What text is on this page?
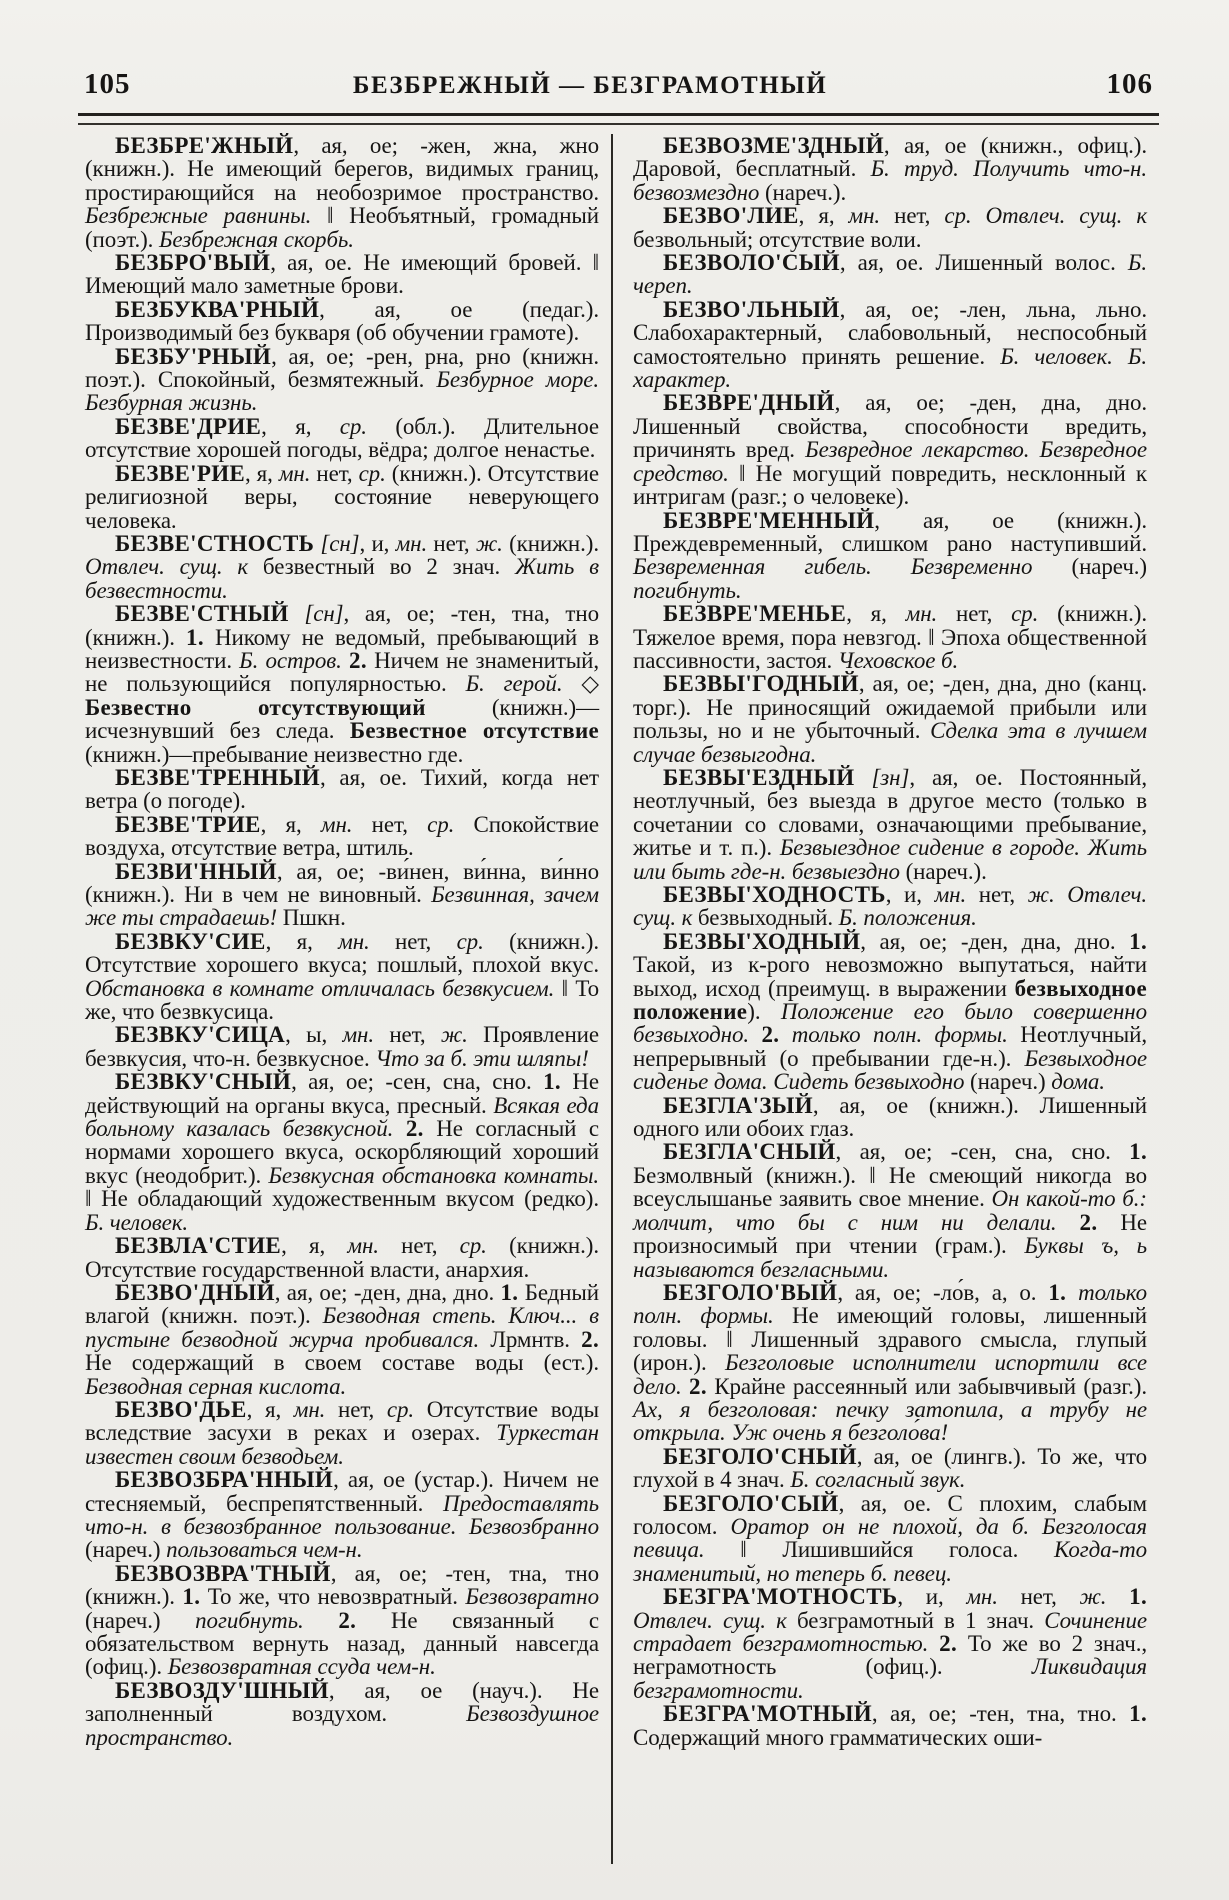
105	БЕЗБРЕЖНЫЙ — БЕЗГРАМОТНЫЙ	106

БЕЗБРЕ'ЖНЫЙ, ая, ое; -жен, жна, жно (книжн.). Не имеющий берегов, видимых границ, простирающийся на необозримое пространство. Безбрежные равнины. ‖ Необъятный, громадный (поэт.). Безбрежная скорбь.

БЕЗБРО'ВЫЙ, ая, ое. Не имеющий бровей. ‖ Имеющий мало заметные брови.

БЕЗБУКВА'РНЫЙ, ая, ое (педаг.). Производимый без букваря (об обучении грамоте).

БЕЗБУ'РНЫЙ, ая, ое; -рен, рна, рно (книжн. поэт.). Спокойный, безмятежный. Безбурное море. Безбурная жизнь.

БЕЗВЕ'ДРИЕ, я, ср. (обл.). Длительное отсутствие хорошей погоды, вёдра; долгое ненастье.

БЕЗВЕ'РИЕ, я, мн. нет, ср. (книжн.). Отсутствие религиозной веры, состояние неверующего человека.

БЕЗВЕ'СТНОСТЬ [сн], и, мн. нет, ж. (книжн.). Отвлеч. сущ. к безвестный во 2 знач. Жить в безвестности.

БЕЗВЕ'СТНЫЙ [сн], ая, ое; -тен, тна, тно (книжн.). 1. Никому не ведомый, пребывающий в неизвестности. Б. остров. 2. Ничем не знаменитый, не пользующийся популярностью. Б. герой. ◇ Безвестно отсутствующий (книжн.)—исчезнувший без следа. Безвестное отсутствие (книжн.)—пребывание неизвестно где.

БЕЗВЕ'ТРЕННЫЙ, ая, ое. Тихий, когда нет ветра (о погоде).

БЕЗВЕ'ТРИЕ, я, мн. нет, ср. Спокойствие воздуха, отсутствие ветра, штиль.

БЕЗВИ'ННЫЙ, ая, ое; -ви́нен, ви́нна, ви́нно (книжн.). Ни в чем не виновный. Безвинная, зачем же ты страдаешь! Пшкн.

БЕЗВКУ'СИЕ, я, мн. нет, ср. (книжн.). Отсутствие хорошего вкуса; пошлый, плохой вкус. Обстановка в комнате отличалась безвкусием. ‖ То же, что безвкусица.

БЕЗВКУ'СИЦА, ы, мн. нет, ж. Проявление безвкусия, что-н. безвкусное. Что за б. эти шляпы!

БЕЗВКУ'СНЫЙ, ая, ое; -сен, сна, сно. 1. Не действующий на органы вкуса, пресный. Всякая еда больному казалась безвкусной. 2. Не согласный с нормами хорошего вкуса, оскорбляющий хороший вкус (неодобрит.). Безвкусная обстановка комнаты. ‖ Не обладающий художественным вкусом (редко). Б. человек.

БЕЗВЛА'СТИЕ, я, мн. нет, ср. (книжн.). Отсутствие государственной власти, анархия.

БЕЗВО'ДНЫЙ, ая, ое; -ден, дна, дно. 1. Бедный влагой (книжн. поэт.). Безводная степь. Ключ... в пустыне безводной журча пробивался. Лрмнтв. 2. Не содержащий в своем составе воды (ест.). Безводная серная кислота.

БЕЗВО'ДЬЕ, я, мн. нет, ср. Отсутствие воды вследствие засухи в реках и озерах. Туркестан известен своим безводьем.

БЕЗВОЗБРА'ННЫЙ, ая, ое (устар.). Ничем не стесняемый, беспрепятственный. Предоставлять что-н. в безвозбранное пользование. Безвозбранно (нареч.) пользоваться чем-н.

БЕЗВОЗВРА'ТНЫЙ, ая, ое; -тен, тна, тно (книжн.). 1. То же, что невозвратный. Безвозвратно (нареч.) погибнуть. 2. Не связанный с обязательством вернуть назад, данный навсегда (офиц.). Безвозвратная ссуда чем-н.

БЕЗВОЗДУ'ШНЫЙ, ая, ое (науч.). Не заполненный воздухом. Безвоздушное пространство.

БЕЗВОЗМЕ'ЗДНЫЙ, ая, ое (книжн., офиц.). Даровой, бесплатный. Б. труд. Получить что-н. безвозмездно (нареч.).

БЕЗВО'ЛИЕ, я, мн. нет, ср. Отвлеч. сущ. к безвольный; отсутствие воли.

БЕЗВОЛО'СЫЙ, ая, ое. Лишенный волос. Б. череп.

БЕЗВО'ЛЬНЫЙ, ая, ое; -лен, льна, льно. Слабохарактерный, слабовольный, неспособный самостоятельно принять решение. Б. человек. Б. характер.

БЕЗВРЕ'ДНЫЙ, ая, ое; -ден, дна, дно. Лишенный свойства, способности вредить, причинять вред. Безвредное лекарство. Безвредное средство. ‖ Не могущий повредить, несклонный к интригам (разг.; о человеке).

БЕЗВРЕ'МЕННЫЙ, ая, ое (книжн.). Преждевременный, слишком рано наступивший. Безвременная гибель. Безвременно (нареч.) погибнуть.

БЕЗВРЕ'МЕНЬЕ, я, мн. нет, ср. (книжн.). Тяжелое время, пора невзгод. ‖ Эпоха общественной пассивности, застоя. Чеховское б.

БЕЗВЫ'ГОДНЫЙ, ая, ое; -ден, дна, дно (канц. торг.). Не приносящий ожидаемой прибыли или пользы, но и не убыточный. Сделка эта в лучшем случае безвыгодна.

БЕЗВЫ'ЕЗДНЫЙ [зн], ая, ое. Постоянный, неотлучный, без выезда в другое место (только в сочетании со словами, означающими пребывание, житье и т. п.). Безвыездное сидение в городе. Жить или быть где-н. безвыездно (нареч.).

БЕЗВЫ'ХОДНОСТЬ, и, мн. нет, ж. Отвлеч. сущ. к безвыходный. Б. положения.

БЕЗВЫ'ХОДНЫЙ, ая, ое; -ден, дна, дно. 1. Такой, из к-рого невозможно выпутаться, найти выход, исход (преимущ. в выражении безвыходное положение). Положение его было совершенно безвыходно. 2. только полн. формы. Неотлучный, непрерывный (о пребывании где-н.). Безвыходное сиденье дома. Сидеть безвыходно (нареч.) дома.

БЕЗГЛА'ЗЫЙ, ая, ое (книжн.). Лишенный одного или обоих глаз.

БЕЗГЛА'СНЫЙ, ая, ое; -сен, сна, сно. 1. Безмолвный (книжн.). ‖ Не смеющий никогда во всеуслышанье заявить свое мнение. Он какой-то б.: молчит, что бы с ним ни делали. 2. Не произносимый при чтении (грам.). Буквы ъ, ь называются безгласными.

БЕЗГОЛО'ВЫЙ, ая, ое; -ло́в, а, о. 1. только полн. формы. Не имеющий головы, лишенный головы. ‖ Лишенный здравого смысла, глупый (ирон.). Безголовые исполнители испортили все дело. 2. Крайне рассеянный или забывчивый (разг.). Ах, я безголовая: печку затопила, а трубу не открыла. Уж очень я безголо́ва!

БЕЗГОЛО'СНЫЙ, ая, ое (лингв.). То же, что глухой в 4 знач. Б. согласный звук.

БЕЗГОЛО'СЫЙ, ая, ое. С плохим, слабым голосом. Оратор он не плохой, да б. Безголосая певица. ‖ Лишившийся голоса. Когда-то знаменитый, но теперь б. певец.

БЕЗГРА'МОТНОСТЬ, и, мн. нет, ж. 1. Отвлеч. сущ. к безграмотный в 1 знач. Сочинение страдает безграмотностью. 2. То же во 2 знач., неграмотность (офиц.). Ликвидация безграмотности.

БЕЗГРА'МОТНЫЙ, ая, ое; -тен, тна, тно. 1. Содержащий много грамматических оши-
